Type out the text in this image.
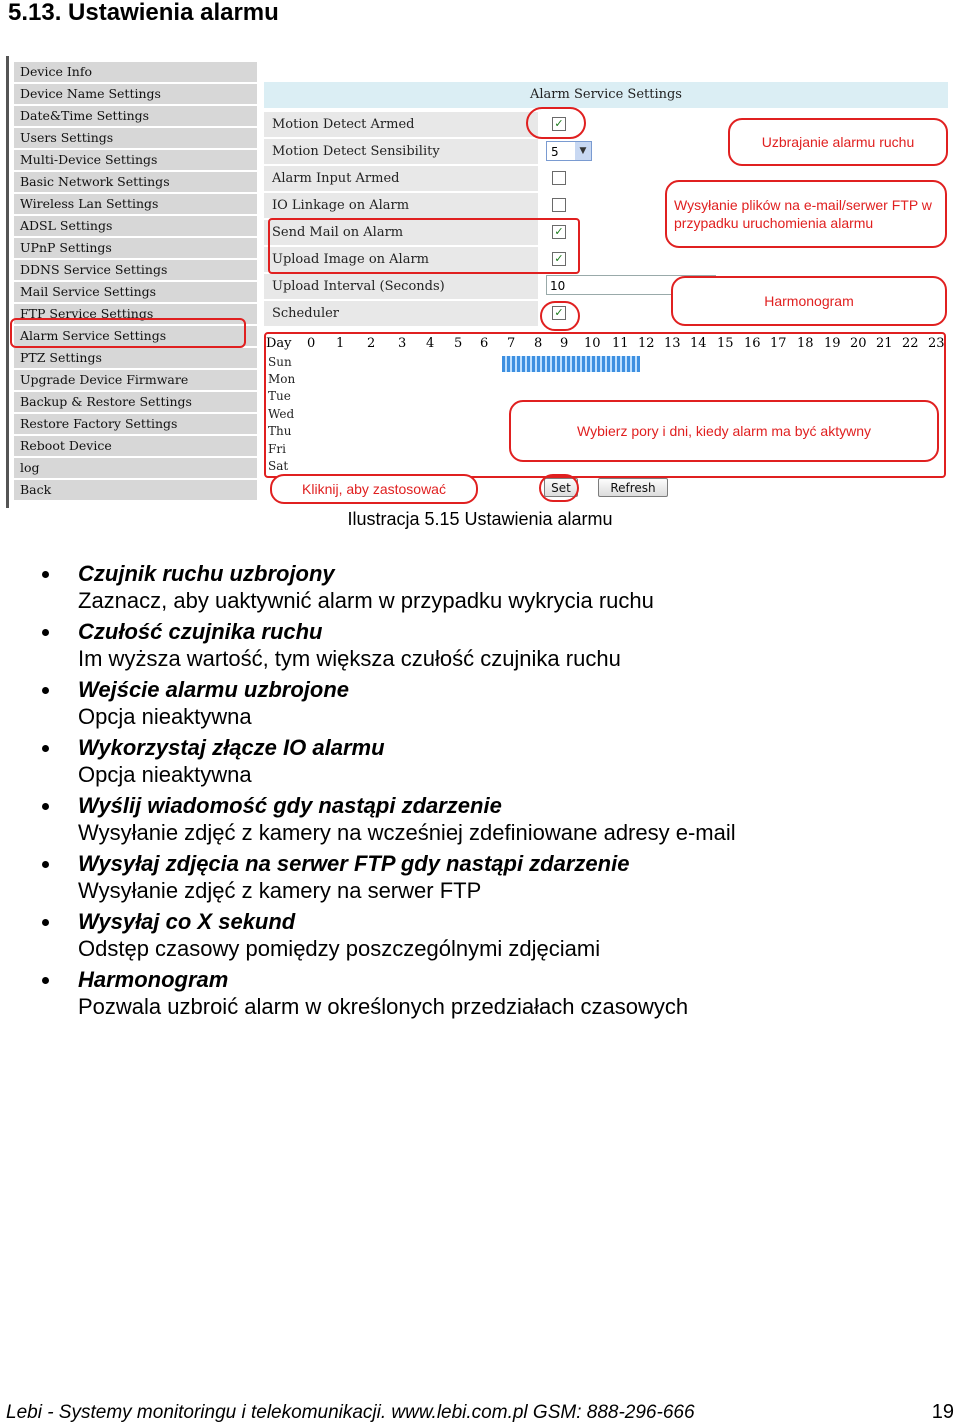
5.13. Ustawienia alarmu
Device Info
Device Name Settings
Date&Time Settings
Users Settings
Multi-Device Settings
Basic Network Settings
Wireless Lan Settings
ADSL Settings
UPnP Settings
DDNS Service Settings
Mail Service Settings
FTP Service Settings
Alarm Service Settings
PTZ Settings
Upgrade Device Firmware
Backup & Restore Settings
Restore Factory Settings
Reboot Device
log
Back
Alarm Service Settings
Motion Detect Armed	✓
Motion Detect Sensibility	5	▼
Alarm Input Armed
IO Linkage on Alarm
Send Mail on Alarm	✓
Upload Image on Alarm	✓
Upload Interval (Seconds)	10
Scheduler	✓
Day 0 1 2 3 4 5 6 7 8 9 10 11 12 13 14 15 16 17 18 19 20 21 22 23
Sun
Mon
Tue
Wed
Thu
Fri
Sat
Set	Refresh
Uzbrajanie alarmu ruchu
Wysyłanie plików na e-mail/serwer FTP w przypadku uruchomienia alarmu
Harmonogram
Wybierz pory i dni, kiedy alarm ma być aktywny
Kliknij, aby zastosować
Ilustracja 5.15 Ustawienia alarmu
Czujnik ruchu uzbrojony
Zaznacz, aby uaktywnić alarm w przypadku wykrycia ruchu
Czułość czujnika ruchu
Im wyższa wartość, tym większa czułość czujnika ruchu
Wejście alarmu uzbrojone
Opcja nieaktywna
Wykorzystaj złącze IO alarmu
Opcja nieaktywna
Wyślij wiadomość gdy nastąpi zdarzenie
Wysyłanie zdjęć z kamery na wcześniej zdefiniowane adresy e-mail
Wysyłaj zdjęcia na serwer FTP gdy nastąpi zdarzenie
Wysyłanie zdjęć z kamery na serwer FTP
Wysyłaj co X sekund
Odstęp czasowy pomiędzy poszczególnymi zdjęciami
Harmonogram
Pozwala uzbroić alarm w określonych przedziałach czasowych
Lebi - Systemy monitoringu i telekomunikacji. www.lebi.com.pl GSM: 888-296-666	19
